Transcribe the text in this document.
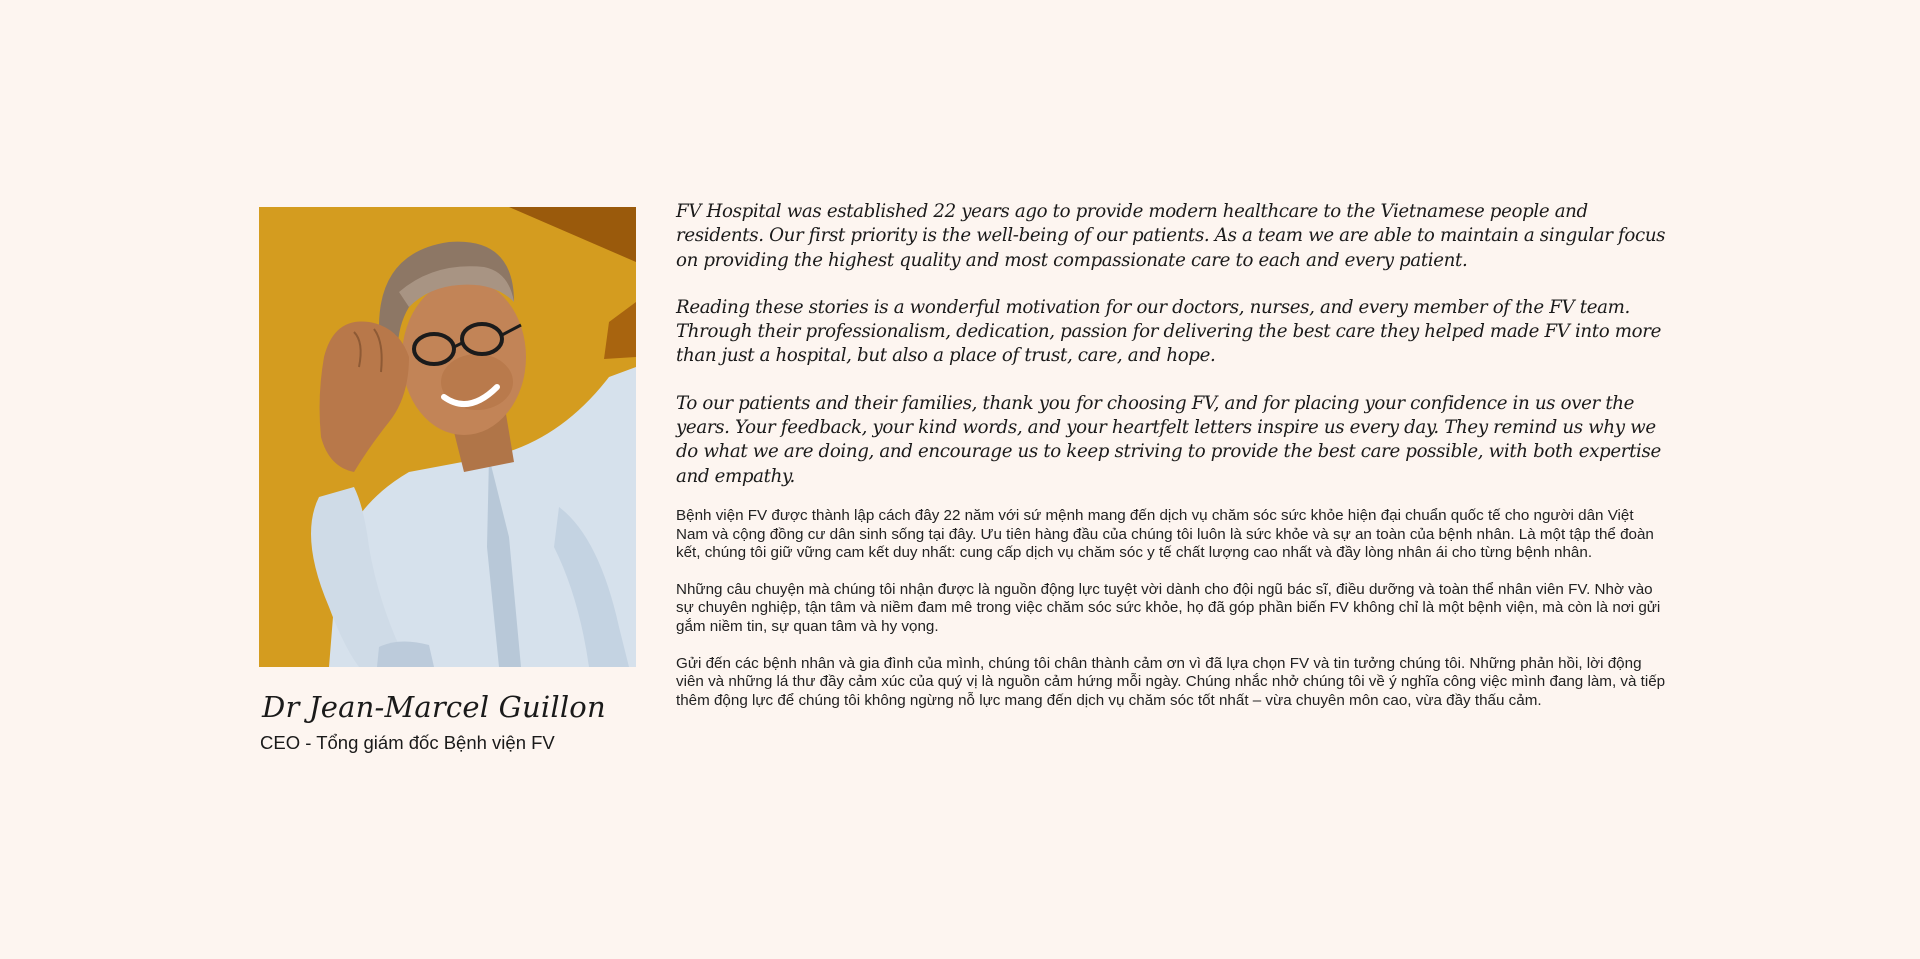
Dr Jean-Marcel Guillon
CEO - Tổng giám đốc Bệnh viện FV

FV Hospital was established 22 years ago to provide modern healthcare to the Vietnamese people and residents. Our first priority is the well-being of our patients. As a team we are able to maintain a singular focus on providing the highest quality and most compassionate care to each and every patient.

Reading these stories is a wonderful motivation for our doctors, nurses, and every member of the FV team. Through their professionalism, dedication, passion for delivering the best care they helped made FV into more than just a hospital, but also a place of trust, care, and hope.

To our patients and their families, thank you for choosing FV, and for placing your confidence in us over the years. Your feedback, your kind words, and your heartfelt letters inspire us every day. They remind us why we do what we are doing, and encourage us to keep striving to provide the best care possible, with both expertise and empathy.

Bệnh viện FV được thành lập cách đây 22 năm với sứ mệnh mang đến dịch vụ chăm sóc sức khỏe hiện đại chuẩn quốc tế cho người dân Việt Nam và cộng đồng cư dân sinh sống tại đây. Ưu tiên hàng đầu của chúng tôi luôn là sức khỏe và sự an toàn của bệnh nhân. Là một tập thể đoàn kết, chúng tôi giữ vững cam kết duy nhất: cung cấp dịch vụ chăm sóc y tế chất lượng cao nhất và đầy lòng nhân ái cho từng bệnh nhân.

Những câu chuyện mà chúng tôi nhận được là nguồn động lực tuyệt vời dành cho đội ngũ bác sĩ, điều dưỡng và toàn thể nhân viên FV. Nhờ vào sự chuyên nghiệp, tận tâm và niềm đam mê trong việc chăm sóc sức khỏe, họ đã góp phần biến FV không chỉ là một bệnh viện, mà còn là nơi gửi gắm niềm tin, sự quan tâm và hy vọng.

Gửi đến các bệnh nhân và gia đình của mình, chúng tôi chân thành cảm ơn vì đã lựa chọn FV và tin tưởng chúng tôi. Những phản hồi, lời động viên và những lá thư đầy cảm xúc của quý vị là nguồn cảm hứng mỗi ngày. Chúng nhắc nhở chúng tôi về ý nghĩa công việc mình đang làm, và tiếp thêm động lực để chúng tôi không ngừng nỗ lực mang đến dịch vụ chăm sóc tốt nhất – vừa chuyên môn cao, vừa đầy thấu cảm.
